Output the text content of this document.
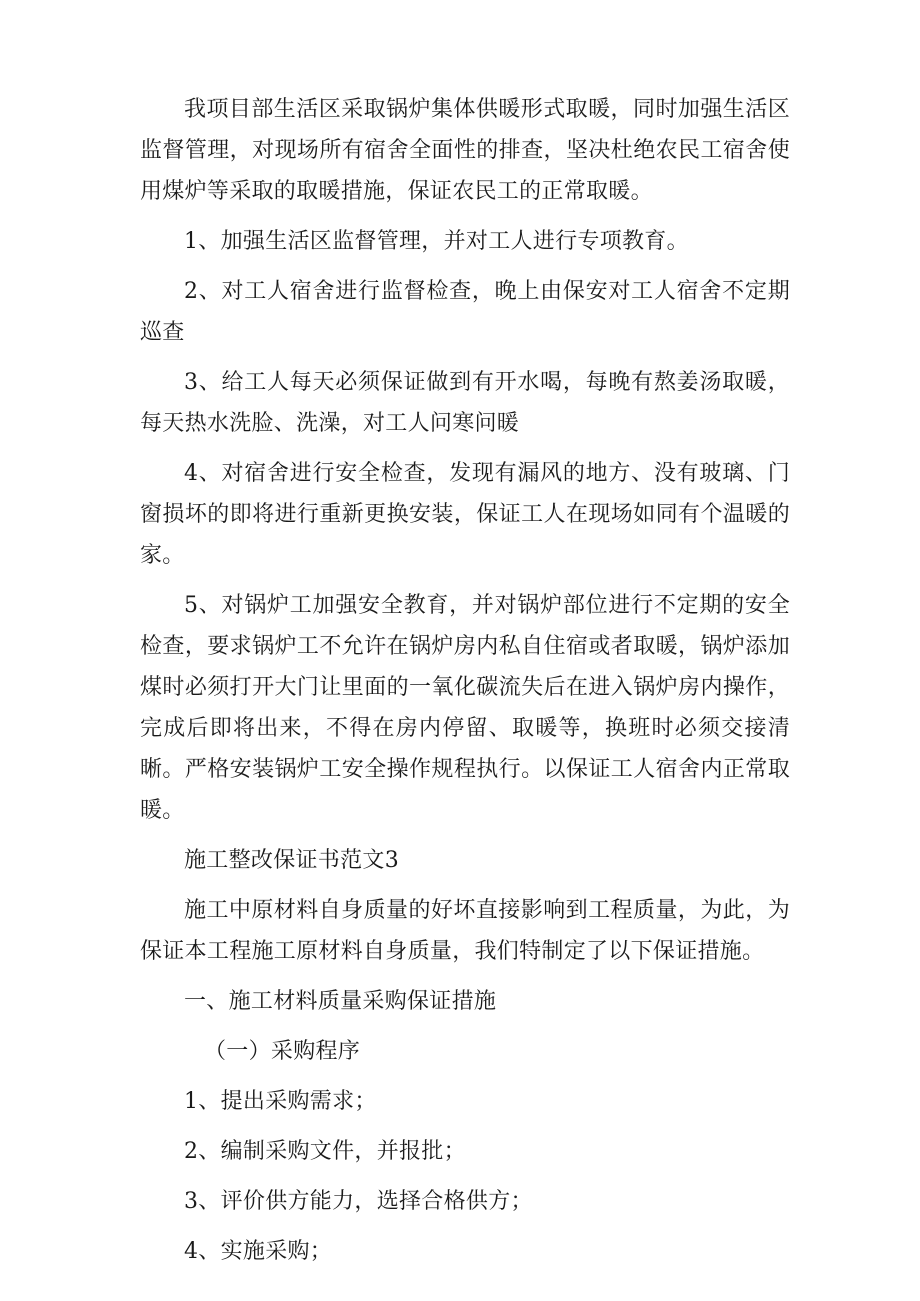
我项目部生活区采取锅炉集体供暖形式取暖，同时加强生活区监督管理，对现场所有宿舍全面性的排查，坚决杜绝农民工宿舍使用煤炉等采取的取暖措施，保证农民工的正常取暖。

1、加强生活区监督管理，并对工人进行专项教育。

2、对工人宿舍进行监督检查，晚上由保安对工人宿舍不定期巡查

3、给工人每天必须保证做到有开水喝，每晚有熬姜汤取暖，每天热水洗脸、洗澡，对工人问寒问暖

4、对宿舍进行安全检查，发现有漏风的地方、没有玻璃、门窗损坏的即将进行重新更换安装，保证工人在现场如同有个温暖的家。

5、对锅炉工加强安全教育，并对锅炉部位进行不定期的安全检查，要求锅炉工不允许在锅炉房内私自住宿或者取暖，锅炉添加煤时必须打开大门让里面的一氧化碳流失后在进入锅炉房内操作，完成后即将出来，不得在房内停留、取暖等，换班时必须交接清晰。严格安装锅炉工安全操作规程执行。以保证工人宿舍内正常取暖。

施工整改保证书范文3

施工中原材料自身质量的好坏直接影响到工程质量，为此，为保证本工程施工原材料自身质量，我们特制定了以下保证措施。

一、施工材料质量采购保证措施

（一）采购程序

1、提出采购需求；

2、编制采购文件，并报批；

3、评价供方能力，选择合格供方；

4、实施采购；
